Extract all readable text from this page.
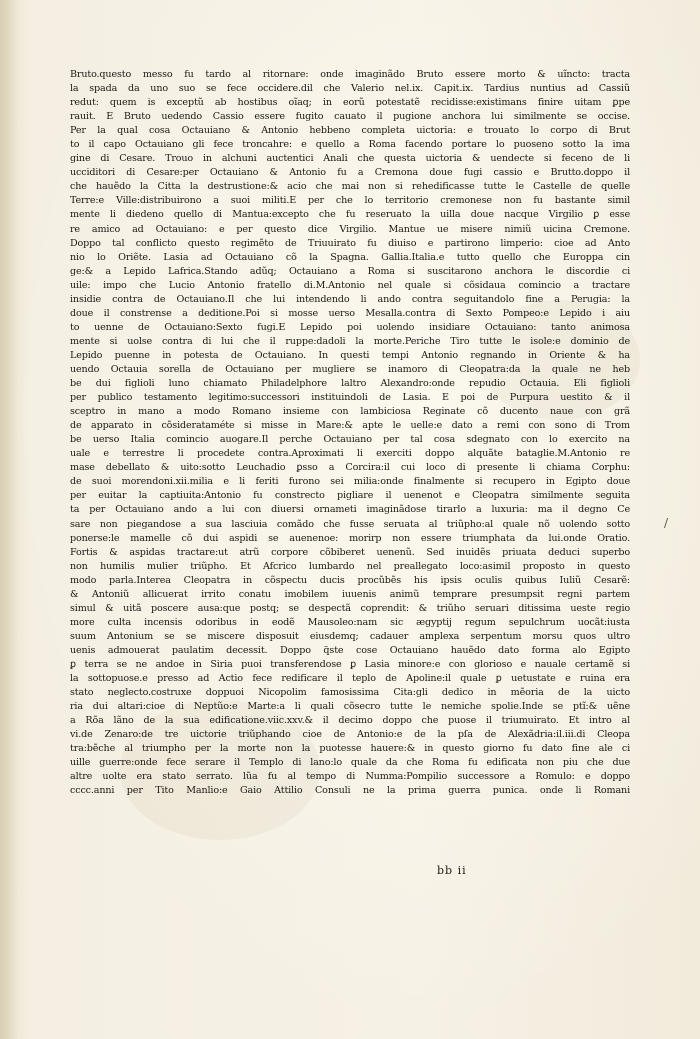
Bruto.questo messo fu tardo al ritornare: onde imaginãdo Bruto essere morto & uĩncto: tracta
la spada da uno suo se fece occidere.dil che Valerio nel.ix. Capit.ix. Tardius nuntius ad Cassiũ
redut: quem is exceptũ ab hostibus oĩaq; in eorũ potestatẽ recidisse:existimans finire uitam ꝑpe
rauit. E Bruto uedendo Cassio essere fugito cauato il pugione anchora lui similmente se occise.
Per la qual cosa Octauiano & Antonio hebbeno completa uictoria: e trouato lo corpo di Brut
to il capo Octauiano gli fece troncahre: e quello a Roma facendo portare lo puoseno sotto la ima
gine di Cesare. Trouo in alchuni auctentici Anali che questa uictoria & uendecte si feceno de li
ucciditori di Cesare:per Octauiano & Antonio fu a Cremona doue fugi cassio e Brutto.doppo il
che hauẽdo la Citta la destrustione:& acio che mai non si rehedificasse tutte le Castelle de quelle
Terre:e Ville:distribuirono a suoi militi.E per che lo territorio cremonese non fu bastante simil
mente li diedeno quello di Mantua:excepto che fu reseruato la uilla doue nacque Virgilio ꝑ esse
re amico ad Octauiano: e per questo dice Virgilio. Mantue ue misere nimiũ uicina Cremone.
Doppo tal conflicto questo regimẽto de Triuuirato fu diuiso e partirono limperio: cioe ad Anto
nio lo Oriẽte. Lasia ad Octauiano cõ la Spagna. Gallia.Italia.e tutto quello che Europpa cin
ge:& a Lepido Lafrica.Stando adũq; Octauiano a Roma si suscitarono anchora le discordie ci
uile: impo che Lucio Antonio fratello di.M.Antonio nel quale si cõsidaua comincio a tractare
insidie contra de Octauiano.Il che lui intendendo li ando contra seguitandolo fine a Perugia: la
doue il constrense a deditione.Poi si mosse uerso Mesalla.contra di Sexto Pompeo:e Lepido i aiu
to uenne de Octauiano:Sexto fugi.E Lepido poi uolendo insidiare Octauiano: tanto animosa
mente si uolse contra di lui che il ruppe:dadoli la morte.Periche Tiro tutte le isole:e dominio de
Lepido puenne in potesta de Octauiano. In questi tempi Antonio regnando in Oriente & ha
uendo Octauia sorella de Octauiano per mugliere se inamoro di Cleopatra:da la quale ne heb
be dui figlioli luno chiamato Philadelphore laltro Alexandro:onde repudio Octauia. Eli figlioli
per publico testamento legitimo:successori instituindoli de Lasia. E poi de Purpura uestito & il
sceptro in mano a modo Romano insieme con lambiciosa Reginate cõ ducento naue con grã
de apparato in cõsiderataméte si misse in Mare:& apte le uelle:e dato a remi con sono di Trom
be uerso Italia comincio auogare.Il perche Octauiano per tal cosa sdegnato con lo exercito na
uale e terrestre li procedete contra.Aproximati li exerciti doppo alquãte bataglie.M.Antonio re
mase debellato & uito:sotto Leuchadio ꝑsso a Corcira:il cui loco di presente li chiama Corphu:
de suoi morendoni.xii.milia e li feriti furono sei milia:onde finalmente si recupero in Egipto doue
per euitar la captiuita:Antonio fu constrecto pigliare il uenenot e Cleopatra similmente seguita
ta per Octauiano ando a lui con diuersi ornameti imaginãdose tirarlo a luxuria: ma il degno Ce
sare non piegandose a sua lasciuia comãdo che fusse seruata al triũpho:al quale nõ uolendo sotto
ponerse:le mamelle cõ dui aspidi se auenenoe: morirp non essere triumphata da lui.onde Oratio.
Fortis & aspidas tractare:ut atrũ corpore cõbiberet uenenũ. Sed inuidẽs priuata deduci superbo
non humilis mulier triũpho. Et Afcrico lumbardo nel preallegato loco:asimil proposto in questo
modo parla.Interea Cleopatra in cõspectu ducis procũbẽs his ipsis oculis quibus Iuliũ Cesarẽ:
& Antoniũ allicuerat irrito conatu imobilem iuuenis animũ temprare presumpsit regni partem
simul & uitã poscere ausa:que postq; se despectã coprendit: & triũho seruari ditissima ueste regio
more culta incensis odoribus in eodẽ Mausoleo:nam sic ægyptij regum sepulchrum uocãt:iusta
suum Antonium se se miscere disposuit eiusdemq; cadauer amplexa serpentum morsu quos ultro
uenis admouerat paulatim decessit. Doppo q̃ste cose Octauiano hauẽdo dato forma alo Egipto
ꝑ terra se ne andoe in Siria puoi transferendose ꝑ Lasia minore:e con glorioso e nauale certamẽ si
la sottopuose.e presso ad Actio fece redificare il teplo de Apoline:il quale ꝑ uetustate e ruina era
stato neglecto.costruxe doppuoi Nicopolim famosissima Cita:gli dedico in mẽoria de la uicto
ria dui altari:cioe di Neptũo:e Marte:a li quali cõsecro tutte le nemiche spolie.Inde se ptĩ:& uẽne
a Rõa lãno de la sua edificatione.viic.xxv.& il decimo doppo che puose il triumuirato. Et intro al
vi.de Zenaro:de tre uictorie triũphando cioe de Antonio:e de la pſa de Alexãdria:il.iii.di Cleopa
tra:bẽche al triumpho per la morte non la puotesse hauere:& in questo giorno fu dato fine ale ci
uille guerre:onde fece serare il Templo di lano:lo quale da che Roma fu edificata non piu che due
altre uolte era stato serrato. lũa fu al tempo di Numma:Pompilio successore a Romulo: e doppo
cccc.anni per Tito Manlio:e Gaio Attilio Consuli ne la prima guerra punica. onde li Romani
bb ii
/
